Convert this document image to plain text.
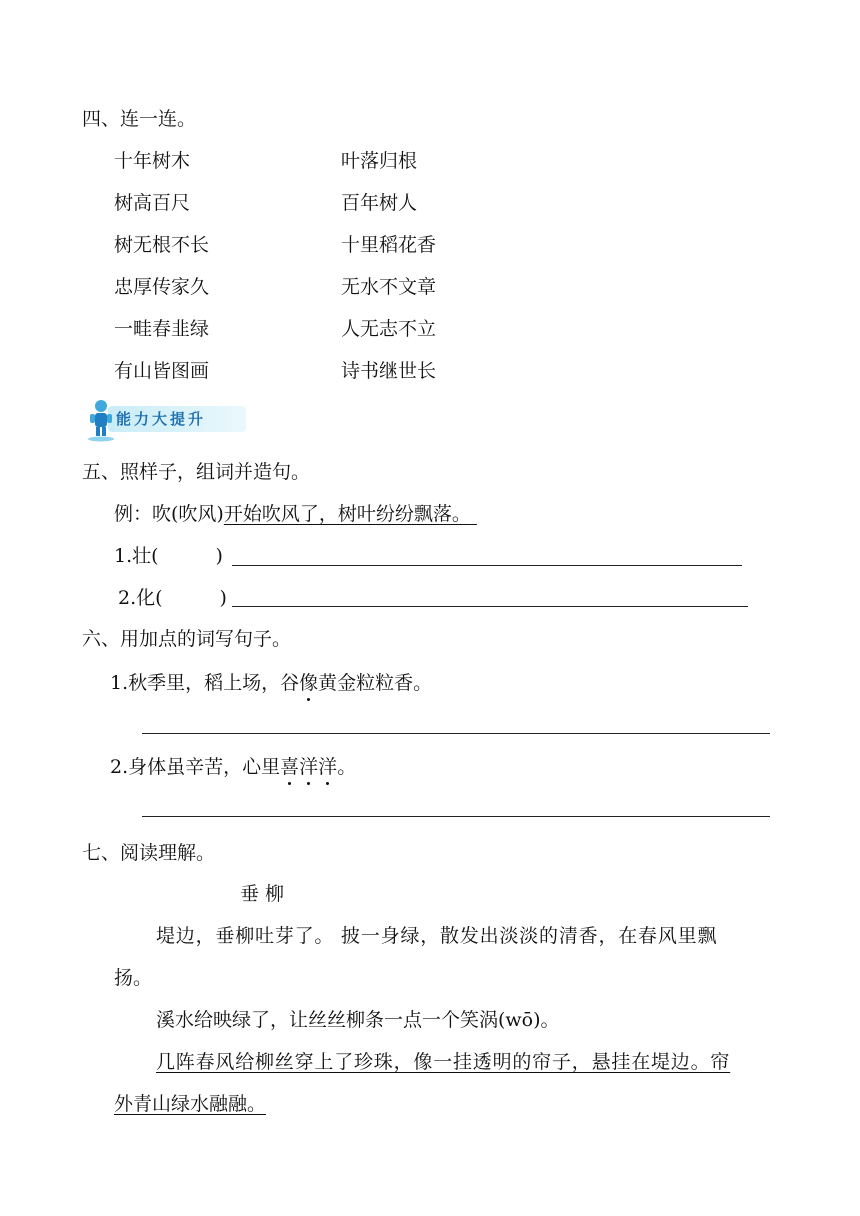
四、连一连。
十年树木
树高百尺
树无根不长
忠厚传家久
一畦春韭绿
有山皆图画
叶落归根
百年树人
十里稻花香
无水不文章
人无志不立
诗书继世长
能力大提升
五、照样子，组词并造句。
例：吹(吹风)开始吹风了，树叶纷纷飘落。
1.壮(　　　)
2.化(　　　)
六、用加点的词写句子。
1.秋季里，稻上场，谷像黄金粒粒香。
2.身体虽辛苦，心里喜洋洋。
七、阅读理解。
垂 柳
堤边，垂柳吐芽了。 披一身绿，散发出淡淡的清香，在春风里飘
扬。
溪水给映绿了，让丝丝柳条一点一个笑涡(wō)。
几阵春风给柳丝穿上了珍珠，像一挂透明的帘子，悬挂在堤边。帘
外青山绿水融融。
